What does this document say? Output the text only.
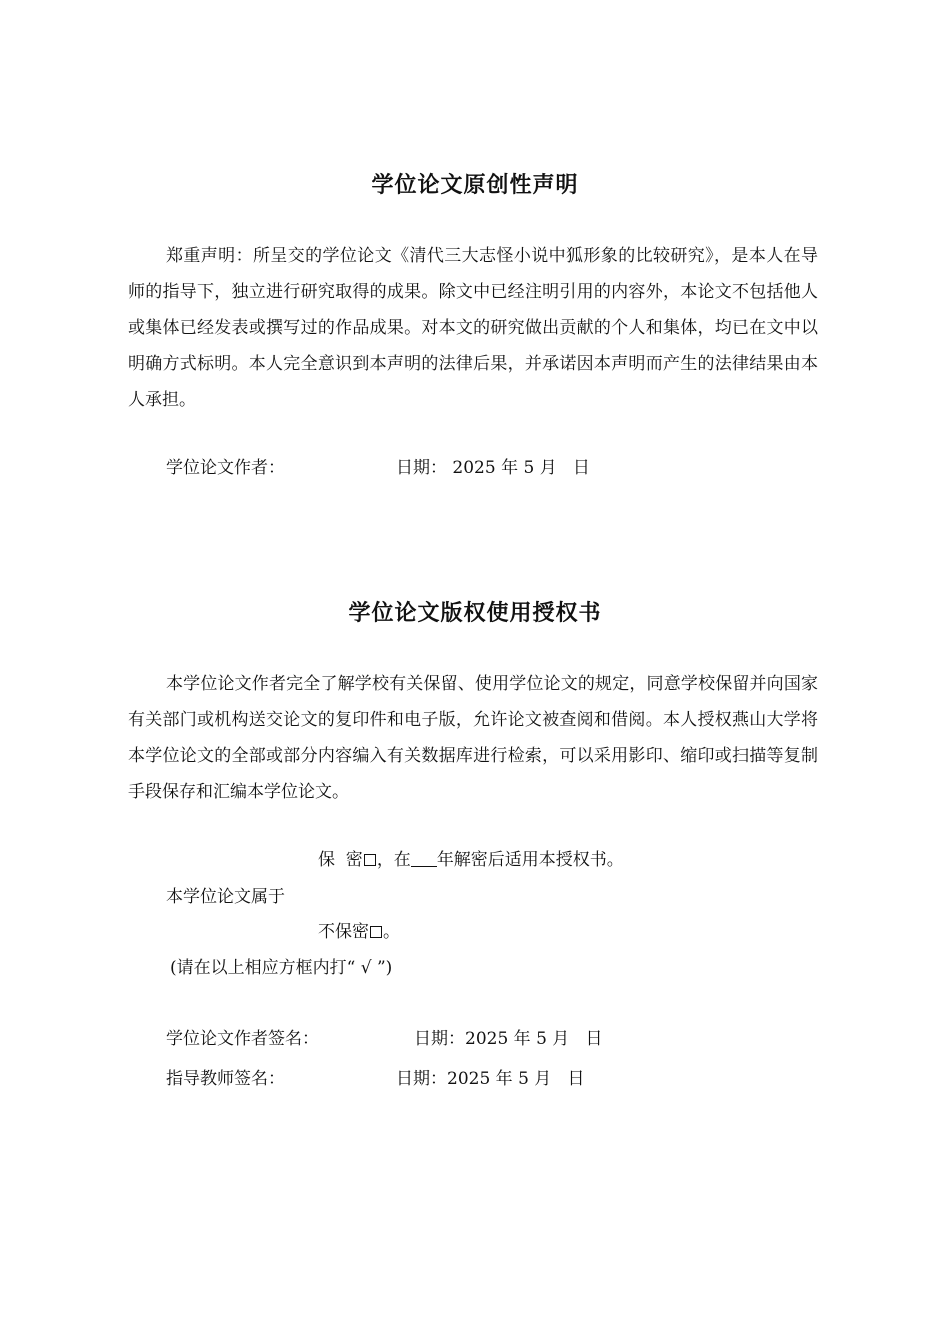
学位论文原创性声明
郑重声明：所呈交的学位论文《清代三大志怪小说中狐形象的比较研究》，是本人在导师的指导下，独立进行研究取得的成果。除文中已经注明引用的内容外，本论文不包括他人或集体已经发表或撰写过的作品成果。对本文的研究做出贡献的个人和集体，均已在文中以明确方式标明。本人完全意识到本声明的法律后果，并承诺因本声明而产生的法律结果由本人承担。
学位论文作者：	日期： 2025 年 5 月   日
学位论文版权使用授权书
本学位论文作者完全了解学校有关保留、使用学位论文的规定，同意学校保留并向国家有关部门或机构送交论文的复印件和电子版，允许论文被查阅和借阅。本人授权燕山大学将本学位论文的全部或部分内容编入有关数据库进行检索，可以采用影印、缩印或扫描等复制手段保存和汇编本学位论文。
保  密 ，在 年解密后适用本授权书。
本学位论文属于
不保密 。
(请在以上相应方框内打“ √ ”)
学位论文作者签名：	日期：2025 年 5 月   日
指导教师签名：	日期：2025 年 5 月   日
